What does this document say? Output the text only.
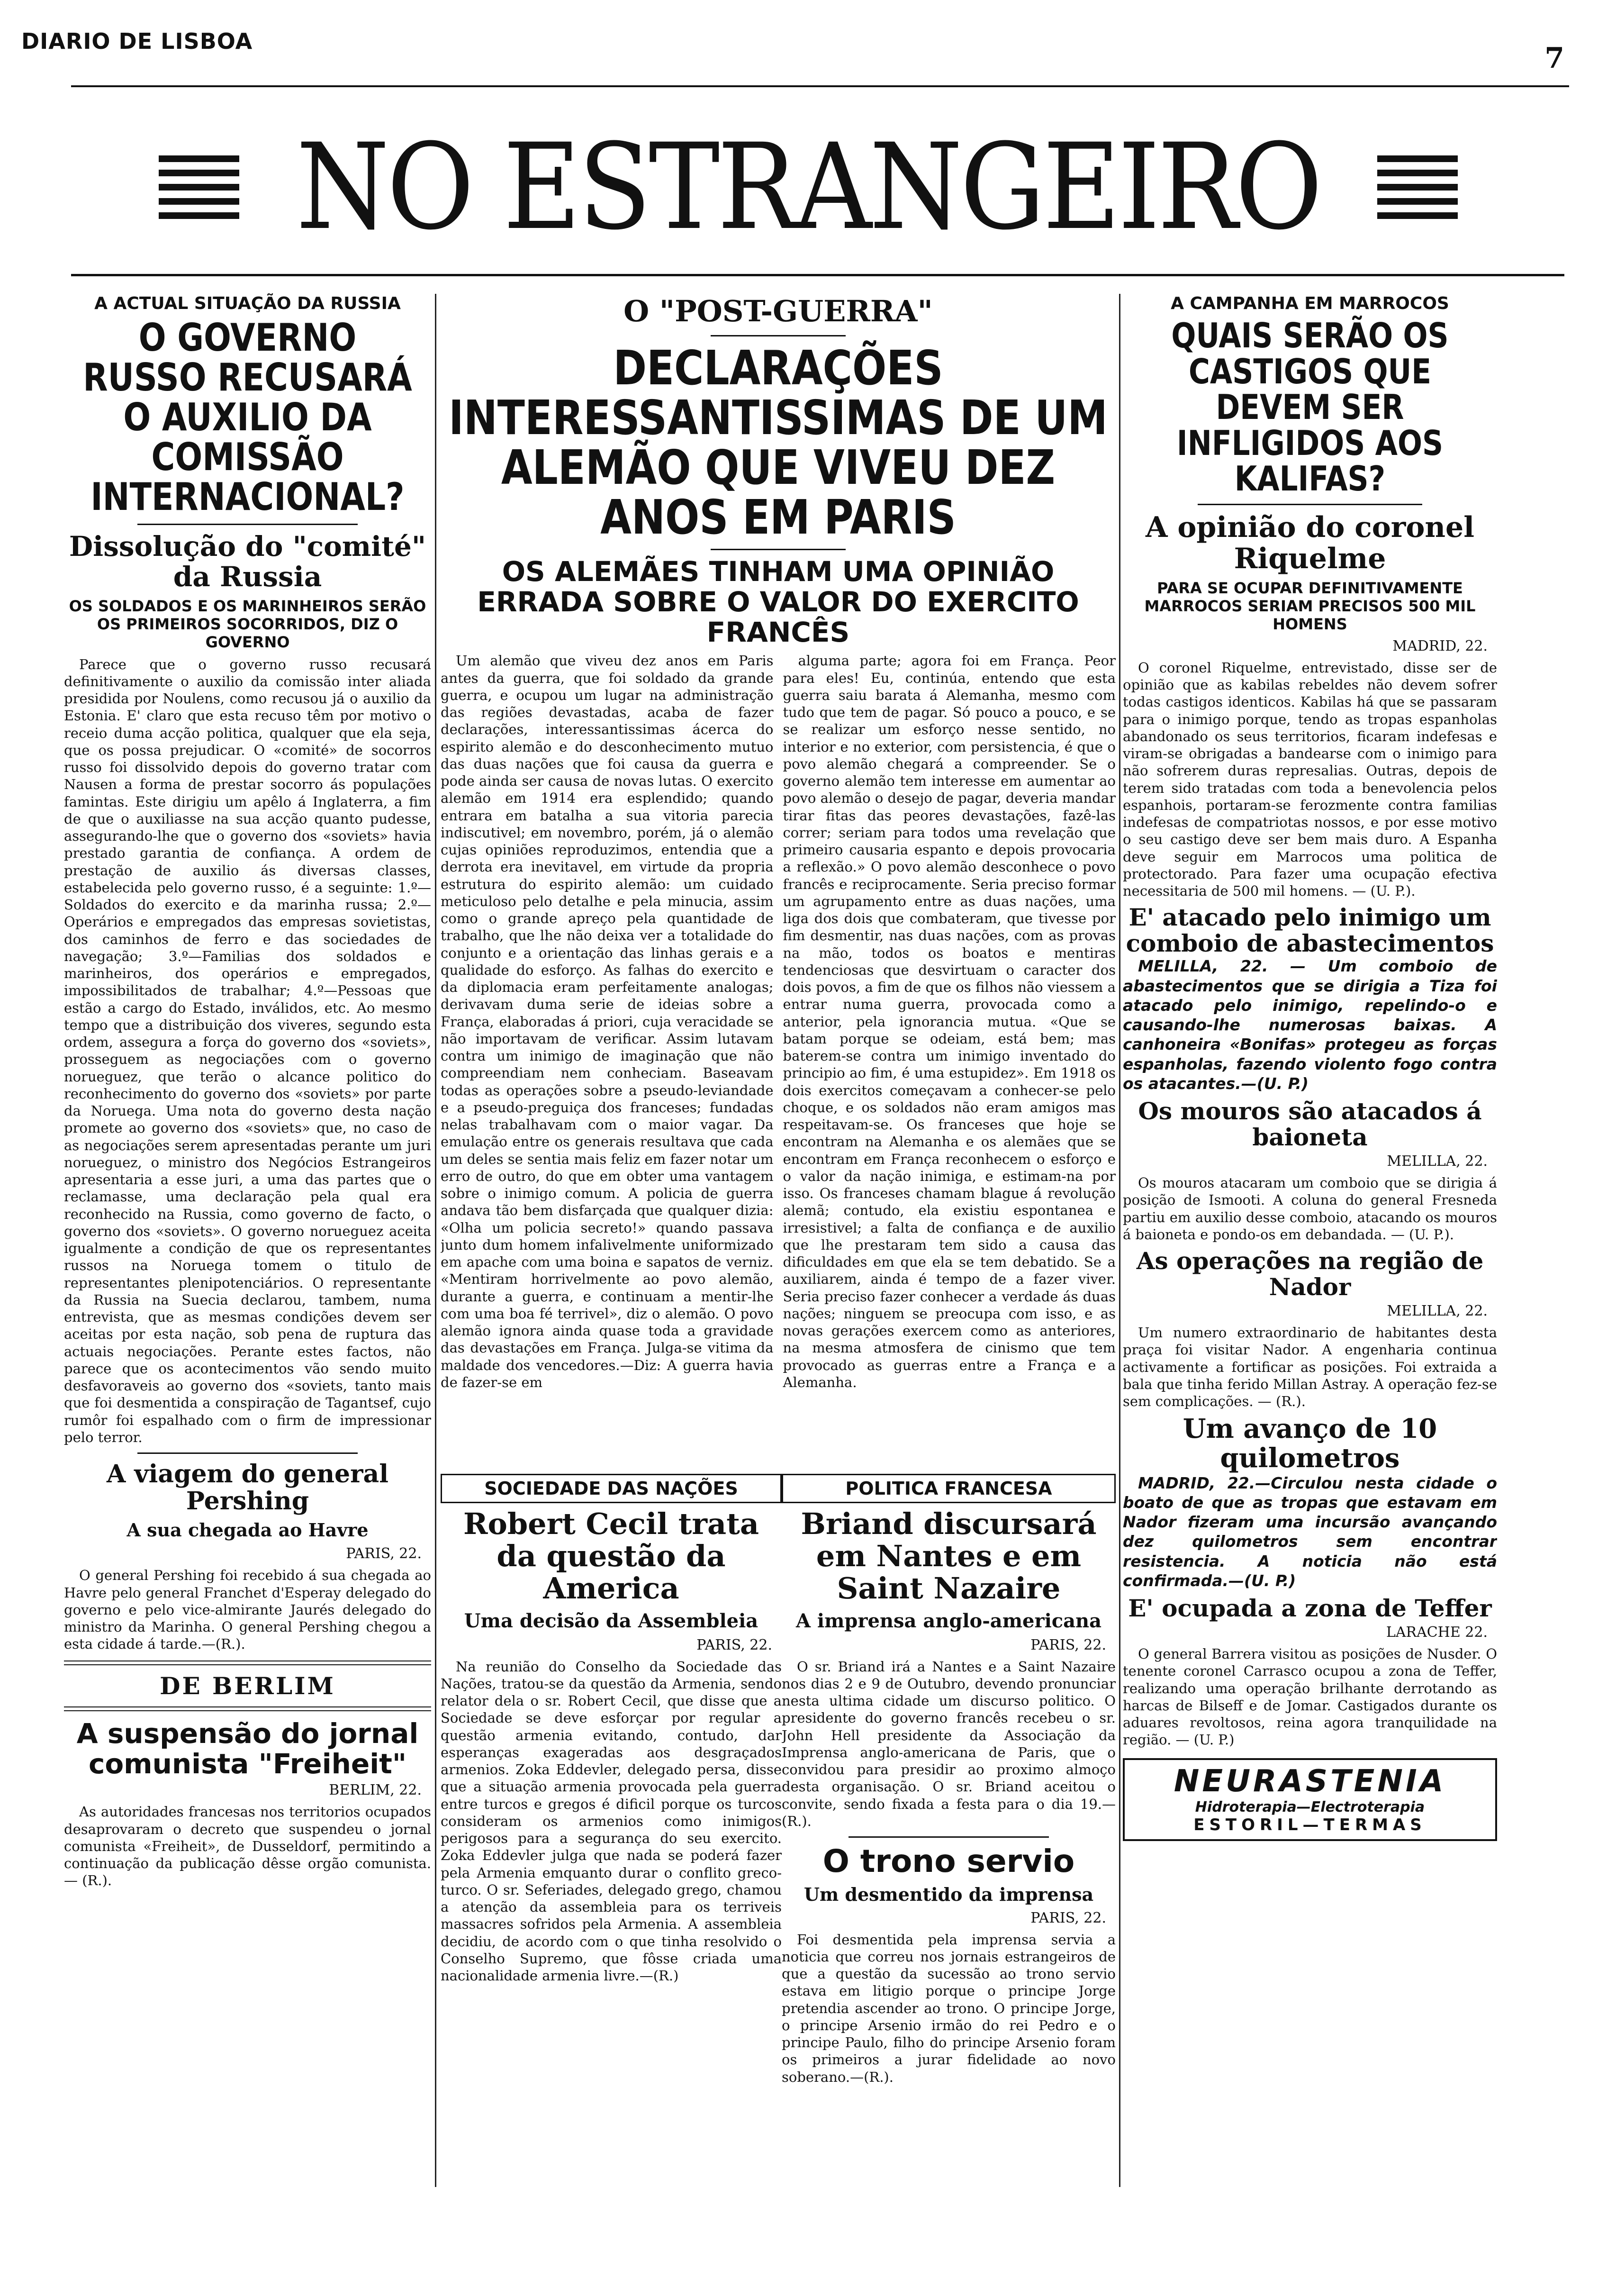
DIARIO DE LISBOA
7
NO ESTRANGEIRO
A ACTUAL SITUAÇÃO DA RUSSIA
O GOVERNO RUSSO RECUSARÁ O AUXILIO DA COMISSÃO INTERNACIONAL?
Dissolução do "comité" da Russia
OS SOLDADOS E OS MARINHEIROS SERÃO OS PRIMEIROS SOCORRIDOS, DIZ O GOVERNO

Parece que o governo russo recusará definitivamente o auxilio da comissão inter aliada presidida por Noulens, como recusou já o auxilio da Estonia. E' claro que esta recuso têm por motivo o receio duma acção politica, qualquer que ela seja, que os possa prejudicar. O «comité» de socorros russo foi dissolvido depois do governo tratar com Nausen a forma de prestar socorro ás populações famintas. Este dirigiu um apêlo á Inglaterra, a fim de que o auxiliasse na sua acção quanto pudesse, assegurando-lhe que o governo dos «soviets» havia prestado garantia de confiança. A ordem de prestação de auxilio ás diversas classes, estabelecida pelo governo russo, é a seguinte: 1.º—Soldados do exercito e da marinha russa; 2.º—Operários e empregados das empresas sovietistas, dos caminhos de ferro e das sociedades de navegação; 3.º—Familias dos soldados e marinheiros, dos operários e empregados, impossibilitados de trabalhar; 4.º—Pessoas que estão a cargo do Estado, inválidos, etc. Ao mesmo tempo que a distribuição dos viveres, segundo esta ordem, assegura a força do governo dos «soviets», prosseguem as negociações com o governo norueguez, que terão o alcance politico do reconhecimento do governo dos «soviets» por parte da Noruega. Uma nota do governo desta nação promete ao governo dos «soviets» que, no caso de as negociações serem apresentadas perante um juri norueguez, o ministro dos Negócios Estrangeiros apresentaria a esse juri, a uma das partes que o reclamasse, uma declaração pela qual era reconhecido na Russia, como governo de facto, o governo dos «soviets». O governo norueguez aceita igualmente a condição de que os representantes russos na Noruega tomem o titulo de representantes plenipotenciários. O representante da Russia na Suecia declarou, tambem, numa entrevista, que as mesmas condições devem ser aceitas por esta nação, sob pena de ruptura das actuais negociações. Perante estes factos, não parece que os acontecimentos vão sendo muito desfavoraveis ao governo dos «soviets, tanto mais que foi desmentida a conspiração de Tagantsef, cujo rumôr foi espalhado com o firm de impressionar pelo terror.

A viagem do general Pershing
A sua chegada ao Havre
PARIS, 22.

O general Pershing foi recebido á sua chegada ao Havre pelo general Franchet d'Esperay delegado do governo e pelo vice-almirante Jaurés delegado do ministro da Marinha. O general Pershing chegou a esta cidade á tarde.—(R.).

DE BERLIM
A suspensão do jornal comunista "Freiheit"
BERLIM, 22.

As autoridades francesas nos territorios ocupados desaprovaram o decreto que suspendeu o jornal comunista «Freiheit», de Dusseldorf, permitindo a continuação da publicação dêsse orgão comunista. — (R.).

O "POST-GUERRA"
DECLARAÇÕES INTERESSANTISSIMAS DE UM ALEMÃO QUE VIVEU DEZ ANOS EM PARIS
OS ALEMÃES TINHAM UMA OPINIÃO ERRADA SOBRE O VALOR DO EXERCITO FRANCÊS

Um alemão que viveu dez anos em Paris antes da guerra, que foi soldado da grande guerra, e ocupou um lugar na administração das regiões devastadas, acaba de fazer declarações, interessantissimas ácerca do espirito alemão e do desconhecimento mutuo das duas nações que foi causa da guerra e pode ainda ser causa de novas lutas. O exercito alemão em 1914 era esplendido; quando entrara em batalha a sua vitoria parecia indiscutivel; em novembro, porém, já o alemão cujas opiniões reproduzimos, entendia que a derrota era inevitavel, em virtude da propria estrutura do espirito alemão: um cuidado meticuloso pelo detalhe e pela minucia, assim como o grande apreço pela quantidade de trabalho, que lhe não deixa ver a totalidade do conjunto e a orientação das linhas gerais e a qualidade do esforço. As falhas do exercito e da diplomacia eram perfeitamente analogas; derivavam duma serie de ideias sobre a França, elaboradas á priori, cuja veracidade se não importavam de verificar. Assim lutavam contra um inimigo de imaginação que não compreendiam nem conheciam. Baseavam todas as operações sobre a pseudo-leviandade e a pseudo-preguiça dos franceses; fundadas nelas trabalhavam com o maior vagar. Da emulação entre os generais resultava que cada um deles se sentia mais feliz em fazer notar um erro de outro, do que em obter uma vantagem sobre o inimigo comum. A policia de guerra andava tão bem disfarçada que qualquer dizia: «Olha um policia secreto!» quando passava junto dum homem infalivelmente uniformizado em apache com uma boina e sapatos de verniz. «Mentiram horrivelmente ao povo alemão, durante a guerra, e continuam a mentir-lhe com uma boa fé terrivel», diz o alemão. O povo alemão ignora ainda quase toda a gravidade das devastações em França. Julga-se vitima da maldade dos vencedores.—Diz: A guerra havia de fazer-se em

alguma parte; agora foi em França. Peor para eles! Eu, continúa, entendo que esta guerra saiu barata á Alemanha, mesmo com tudo que tem de pagar. Só pouco a pouco, e se se realizar um esforço nesse sentido, no interior e no exterior, com persistencia, é que o povo alemão chegará a compreender. Se o governo alemão tem interesse em aumentar ao povo alemão o desejo de pagar, deveria mandar tirar fitas das peores devastações, fazê-las correr; seriam para todos uma revelação que primeiro causaria espanto e depois provocaria a reflexão.» O povo alemão desconhece o povo francês e reciprocamente. Seria preciso formar um agrupamento entre as duas nações, uma liga dos dois que combateram, que tivesse por fim desmentir, nas duas nações, com as provas na mão, todos os boatos e mentiras tendenciosas que desvirtuam o caracter dos dois povos, a fim de que os filhos não viessem a entrar numa guerra, provocada como a anterior, pela ignorancia mutua. «Que se batam porque se odeiam, está bem; mas baterem-se contra um inimigo inventado do principio ao fim, é uma estupidez». Em 1918 os dois exercitos começavam a conhecer-se pelo choque, e os soldados não eram amigos mas respeitavam-se. Os franceses que hoje se encontram na Alemanha e os alemães que se encontram em França reconhecem o esforço e o valor da nação inimiga, e estimam-na por isso. Os franceses chamam blague á revolução alemã; contudo, ela existiu espontanea e irresistivel; a falta de confiança e de auxilio que lhe prestaram tem sido a causa das dificuldades em que ela se tem debatido. Se a auxiliarem, ainda é tempo de a fazer viver. Seria preciso fazer conhecer a verdade ás duas nações; ninguem se preocupa com isso, e as novas gerações exercem como as anteriores, na mesma atmosfera de cinismo que tem provocado as guerras entre a França e a Alemanha.

SOCIEDADE DAS NAÇÕES
Robert Cecil trata da questão da America
Uma decisão da Assembleia
PARIS, 22.

Na reunião do Conselho da Sociedade das Nações, tratou-se da questão da Armenia, sendo relator dela o sr. Robert Cecil, que disse que a Sociedade se deve esforçar por regular a questão armenia evitando, contudo, dar esperanças exageradas aos desgraçados armenios. Zoka Eddevler, delegado persa, disse que a situação armenia provocada pela guerra entre turcos e gregos é dificil porque os turcos consideram os armenios como inimigos perigosos para a segurança do seu exercito. Zoka Eddevler julga que nada se poderá fazer pela Armenia emquanto durar o conflito greco-turco. O sr. Seferiades, delegado grego, chamou a atenção da assembleia para os terriveis massacres sofridos pela Armenia. A assembleia decidiu, de acordo com o que tinha resolvido o Conselho Supremo, que fôsse criada uma nacionalidade armenia livre.—(R.)

POLITICA FRANCESA
Briand discursará em Nantes e em Saint Nazaire
A imprensa anglo-americana
PARIS, 22.

O sr. Briand irá a Nantes e a Saint Nazaire nos dias 2 e 9 de Outubro, devendo pronunciar nesta ultima cidade um discurso politico. O presidente do governo francês recebeu o sr. John Hell presidente da Associação da Imprensa anglo-americana de Paris, que o convidou para presidir ao proximo almoço desta organisação. O sr. Briand aceitou o convite, sendo fixada a festa para o dia 19.—(R.).

O trono servio
Um desmentido da imprensa
PARIS, 22.

Foi desmentida pela imprensa servia a noticia que correu nos jornais estrangeiros de que a questão da sucessão ao trono servio estava em litigio porque o principe Jorge pretendia ascender ao trono. O principe Jorge, o principe Arsenio irmão do rei Pedro e o principe Paulo, filho do principe Arsenio foram os primeiros a jurar fidelidade ao novo soberano.—(R.).

A CAMPANHA EM MARROCOS
QUAIS SERÃO OS CASTIGOS QUE DEVEM SER INFLIGIDOS AOS KALIFAS?
A opinião do coronel Riquelme
PARA SE OCUPAR DEFINITIVAMENTE MARROCOS SERIAM PRECISOS 500 MIL HOMENS
MADRID, 22.

O coronel Riquelme, entrevistado, disse ser de opinião que as kabilas rebeldes não devem sofrer todas castigos identicos. Kabilas há que se passaram para o inimigo porque, tendo as tropas espanholas abandonado os seus territorios, ficaram indefesas e viram-se obrigadas a bandearse com o inimigo para não sofrerem duras represalias. Outras, depois de terem sido tratadas com toda a benevolencia pelos espanhois, portaram-se ferozmente contra familias indefesas de compatriotas nossos, e por esse motivo o seu castigo deve ser bem mais duro. A Espanha deve seguir em Marrocos uma politica de protectorado. Para fazer uma ocupação efectiva necessitaria de 500 mil homens. — (U. P.).

E' atacado pelo inimigo um comboio de abastecimentos

MELILLA, 22. — Um comboio de abastecimentos que se dirigia a Tiza foi atacado pelo inimigo, repelindo-o e causando-lhe numerosas baixas. A canhoneira «Bonifas» protegeu as forças espanholas, fazendo violento fogo contra os atacantes.—(U. P.)

Os mouros são atacados á baioneta
MELILLA, 22.

Os mouros atacaram um comboio que se dirigia á posição de Ismooti. A coluna do general Fresneda partiu em auxilio desse comboio, atacando os mouros á baioneta e pondo-os em debandada. — (U. P.).

As operações na região de Nador
MELILLA, 22.

Um numero extraordinario de habitantes desta praça foi visitar Nador. A engenharia continua activamente a fortificar as posições. Foi extraida a bala que tinha ferido Millan Astray. A operação fez-se sem complicações. — (R.).

Um avanço de 10 quilometros

MADRID, 22.—Circulou nesta cidade o boato de que as tropas que estavam em Nador fizeram uma incursão avançando dez quilometros sem encontrar resistencia. A noticia não está confirmada.—(U. P.)

E' ocupada a zona de Teffer
LARACHE 22.

O general Barrera visitou as posições de Nusder. O tenente coronel Carrasco ocupou a zona de Teffer, realizando uma operação brilhante derrotando as harcas de Bilseff e de Jomar. Castigados durante os aduares revoltosos, reina agora tranquilidade na região. — (U. P.)

NEURASTENIA
Hidroterapia—Electroterapia
ESTORIL—TERMAS
